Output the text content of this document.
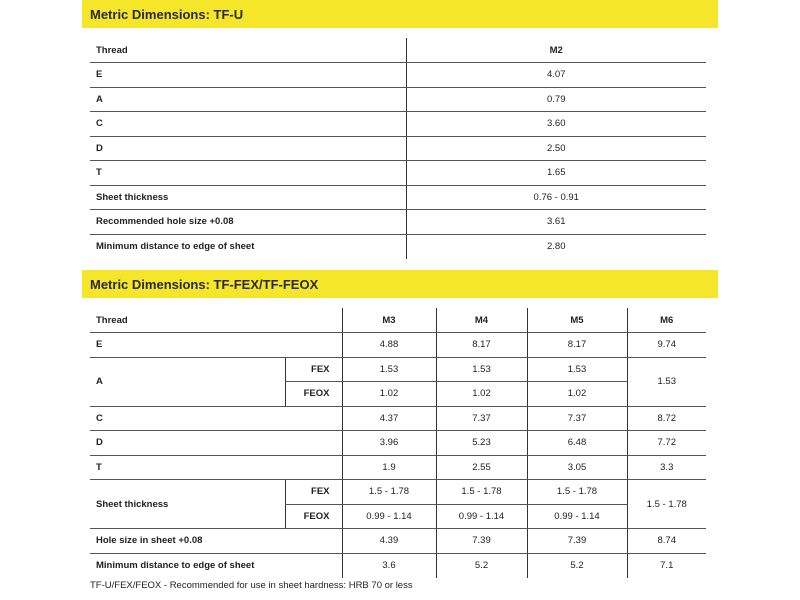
Metric Dimensions: TF-U
Thread	M2
E	4.07
A	0.79
C	3.60
D	2.50
T	1.65
Sheet thickness	0.76 - 0.91
Recommended hole size +0.08	3.61
Minimum distance to edge of sheet	2.80
Metric Dimensions: TF-FEX/TF-FEOX
Thread		M3	M4	M5	M6
E		4.88	8.17	8.17	9.74
A	FEX	1.53	1.53	1.53	1.53
	FEOX	1.02	1.02	1.02	
C		4.37	7.37	7.37	8.72
D		3.96	5.23	6.48	7.72
T		1.9	2.55	3.05	3.3
Sheet thickness	FEX	1.5 - 1.78	1.5 - 1.78	1.5 - 1.78	1.5 - 1.78
	FEOX	0.99 - 1.14	0.99 - 1.14	0.99 - 1.14	
Hole size in sheet +0.08		4.39	7.39	7.39	8.74
Minimum distance to edge of sheet		3.6	5.2	5.2	7.1
TF-U/FEX/FEOX - Recommended for use in sheet hardness: HRB 70 or less
